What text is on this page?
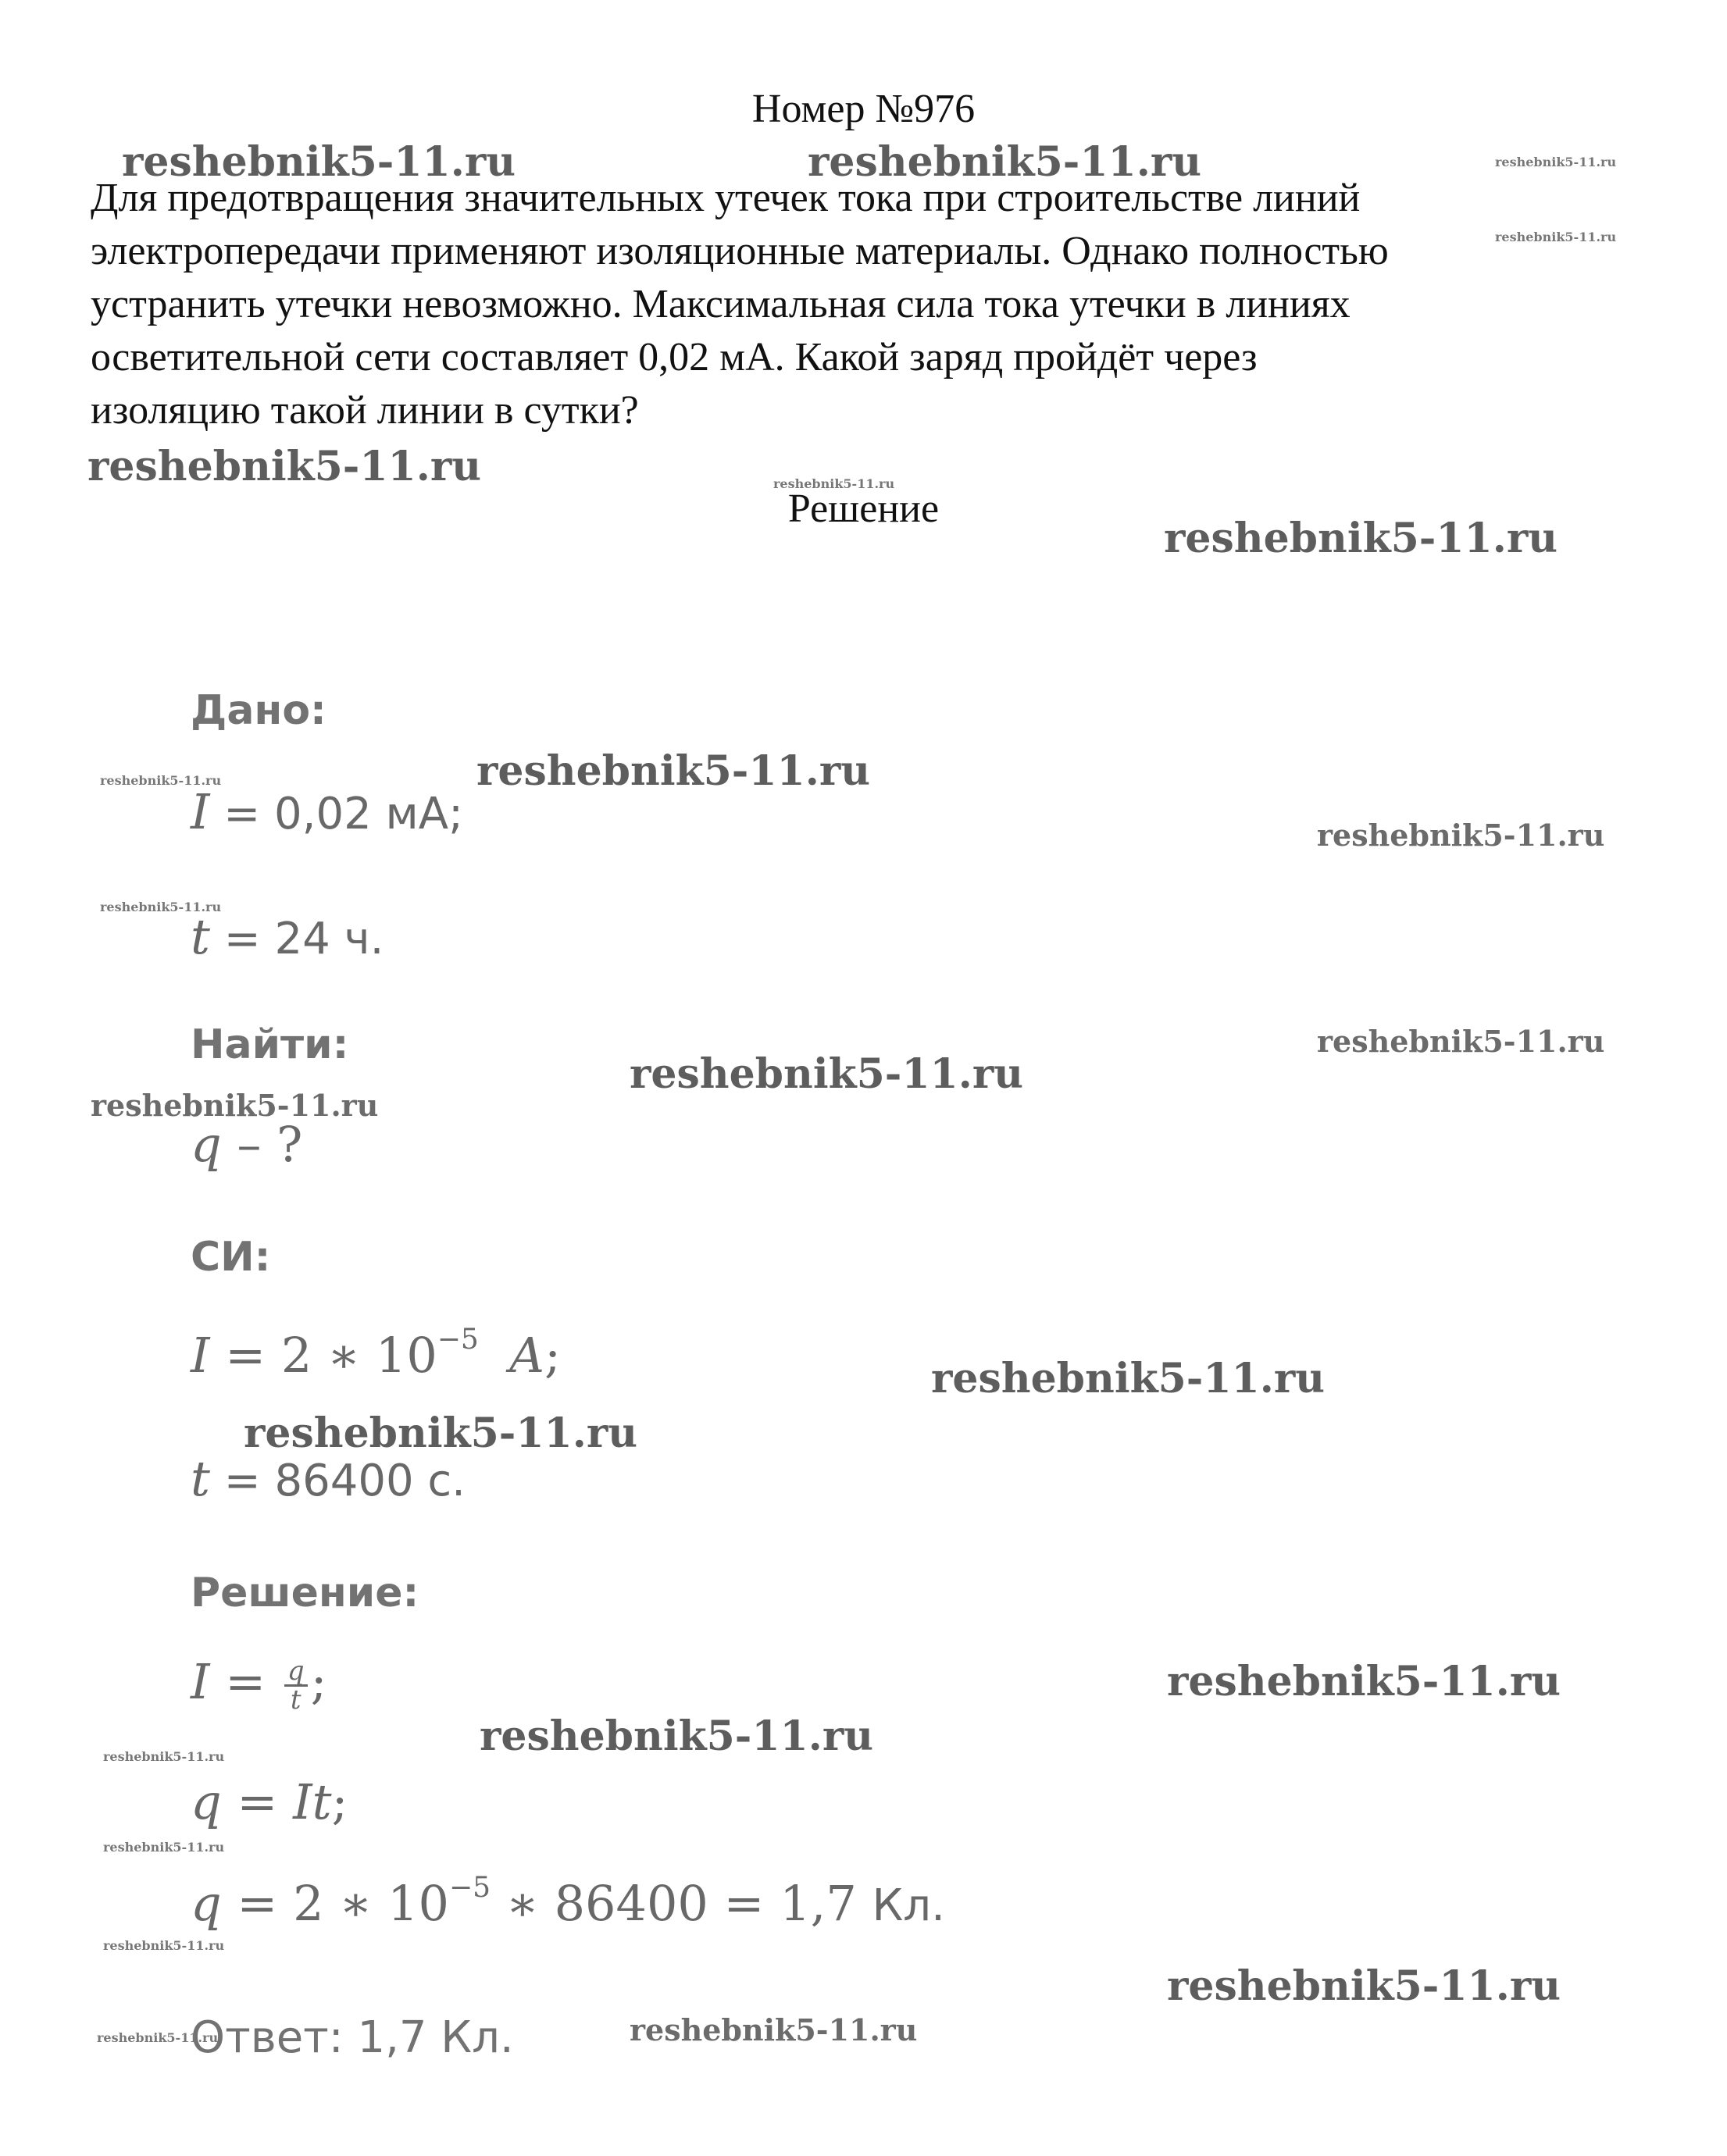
Номер №976
Для предотвращения значительных утечек тока при строительстве линий
электропередачи применяют изоляционные материалы. Однако полностью
устранить утечки невозможно. Максимальная сила тока утечки в линиях
осветительной сети составляет 0,02 мА. Какой заряд пройдёт через
изоляцию такой линии в сутки?
Решение
Дано:
I = 0,02 мА;
t = 24 ч.
Найти:
q – ?
СИ:
I = 2 ∗ $10^{-5}$ A;
t = 86400 с.
Решение:
$I = \frac{q}{t}$ ;
q = It;
q = 2 ∗ $10^{-5}$ ∗ 86400 = 1,7 Кл.
Ответ: 1,7 Кл.
reshebnik5-11.ru	reshebnik5-11.ru	reshebnik5-11.ru
reshebnik5-11.ru
reshebnik5-11.ru	reshebnik5-11.ru
reshebnik5-11.ru
reshebnik5-11.ru
reshebnik5-11.ru
reshebnik5-11.ru
reshebnik5-11.ru
reshebnik5-11.ru
reshebnik5-11.ru
reshebnik5-11.ru
reshebnik5-11.ru
reshebnik5-11.ru
reshebnik5-11.ru
reshebnik5-11.ru
reshebnik5-11.ru
reshebnik5-11.ru
reshebnik5-11.ru
reshebnik5-11.ru
reshebnik5-11.ru	reshebnik5-11.ru
